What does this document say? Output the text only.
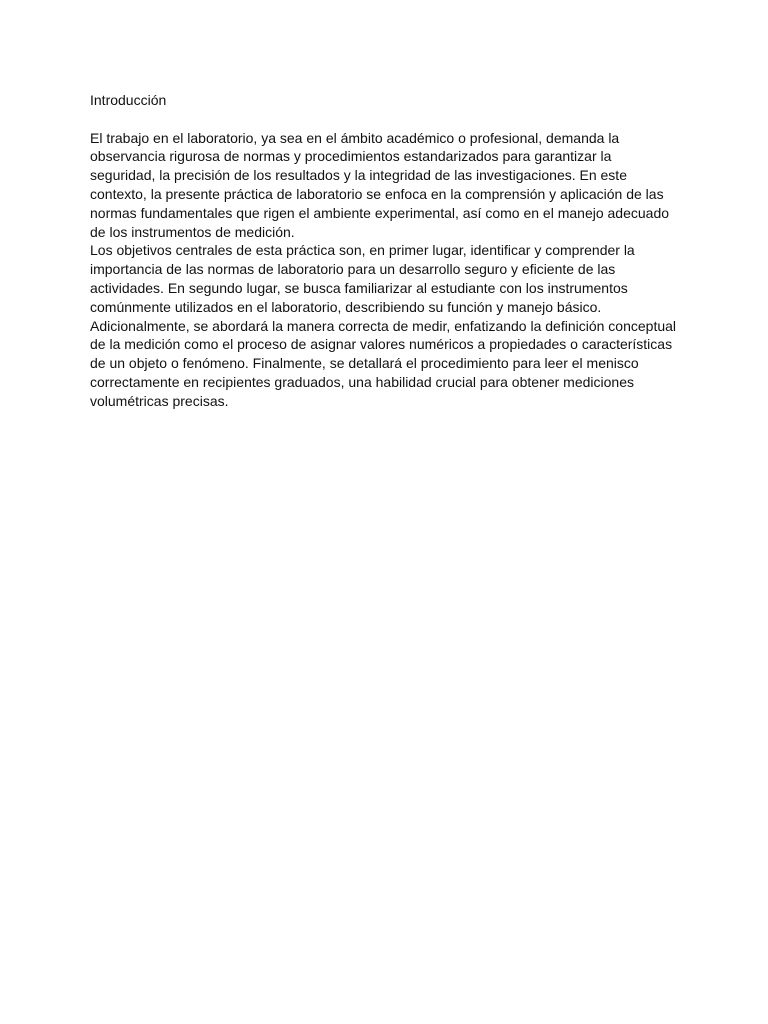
Introducción

El trabajo en el laboratorio, ya sea en el ámbito académico o profesional, demanda la observancia rigurosa de normas y procedimientos estandarizados para garantizar la seguridad, la precisión de los resultados y la integridad de las investigaciones. En este contexto, la presente práctica de laboratorio se enfoca en la comprensión y aplicación de las normas fundamentales que rigen el ambiente experimental, así como en el manejo adecuado de los instrumentos de medición.

Los objetivos centrales de esta práctica son, en primer lugar, identificar y comprender la importancia de las normas de laboratorio para un desarrollo seguro y eficiente de las actividades. En segundo lugar, se busca familiarizar al estudiante con los instrumentos comúnmente utilizados en el laboratorio, describiendo su función y manejo básico. Adicionalmente, se abordará la manera correcta de medir, enfatizando la definición conceptual de la medición como el proceso de asignar valores numéricos a propiedades o características de un objeto o fenómeno. Finalmente, se detallará el procedimiento para leer el menisco correctamente en recipientes graduados, una habilidad crucial para obtener mediciones volumétricas precisas.
